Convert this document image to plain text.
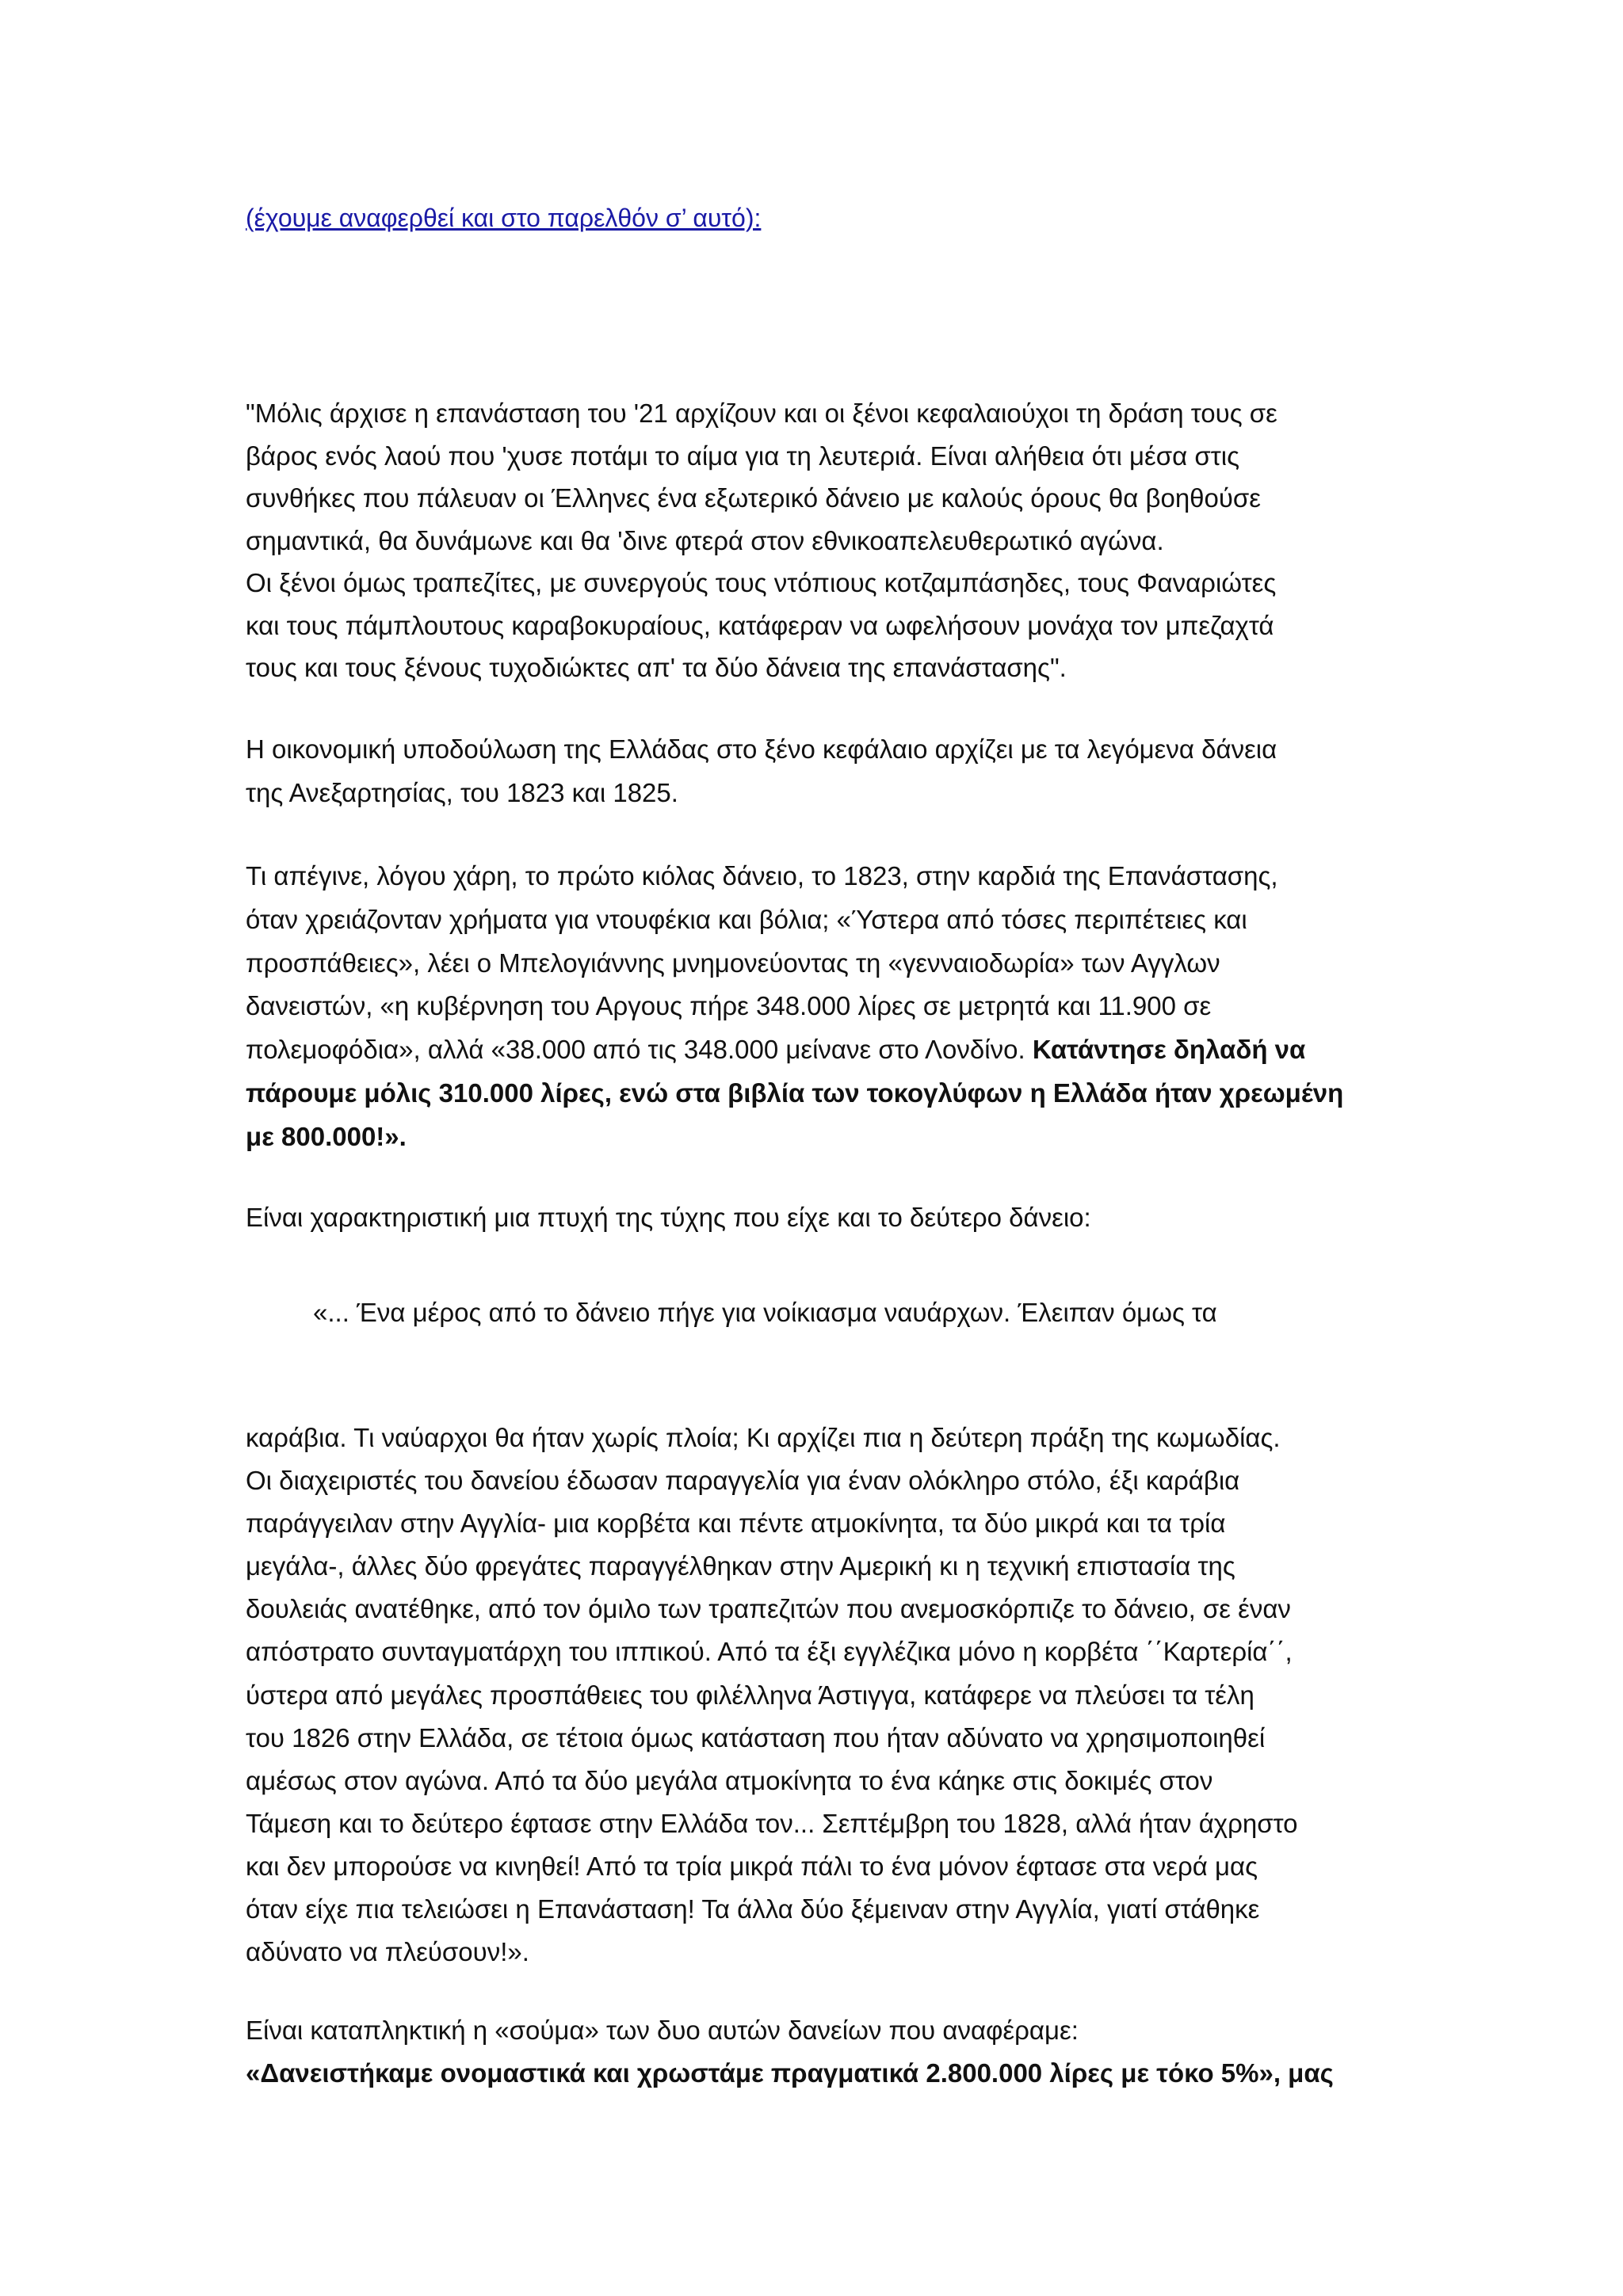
(έχουμε αναφερθεί και στο παρελθόν σ’ αυτό):

"Μόλις άρχισε η επανάσταση του '21 αρχίζουν και οι ξένοι κεφαλαιούχοι τη δράση τους σε

βάρος ενός λαού που 'χυσε ποτάμι το αίμα για τη λευτεριά. Είναι αλήθεια ότι μέσα στις

συνθήκες που πάλευαν οι Έλληνες ένα εξωτερικό δάνειο με καλούς όρους θα βοηθούσε

σημαντικά, θα δυνάμωνε και θα 'δινε φτερά στον εθνικοαπελευθερωτικό αγώνα.

Οι ξένοι όμως τραπεζίτες, με συνεργούς τους ντόπιους κοτζαμπάσηδες, τους Φαναριώτες

και τους πάμπλουτους καραβοκυραίους, κατάφεραν να ωφελήσουν μονάχα τον μπεζαχτά

τους και τους ξένους τυχοδιώκτες απ' τα δύο δάνεια της επανάστασης".

Η οικονομική υποδούλωση της Ελλάδας στο ξένο κεφάλαιο αρχίζει με τα λεγόμενα δάνεια

της Ανεξαρτησίας, του 1823 και 1825.

Τι απέγινε, λόγου χάρη, το πρώτο κιόλας δάνειο, το 1823, στην καρδιά της Επανάστασης,

όταν χρειάζονταν χρήματα για ντουφέκια και βόλια; «Ύστερα από τόσες περιπέτειες και

προσπάθειες», λέει ο Μπελογιάννης μνημονεύοντας τη «γενναιοδωρία» των Αγγλων

δανειστών, «η κυβέρνηση του Αργους πήρε 348.000 λίρες σε μετρητά και 11.900 σε

πολεμοφόδια», αλλά «38.000 από τις 348.000 μείνανε στο Λονδίνο. Κατάντησε δηλαδή να

πάρουμε μόλις 310.000 λίρες, ενώ στα βιβλία των τοκογλύφων η Ελλάδα ήταν χρεωμένη

με 800.000!».

Είναι χαρακτηριστική μια πτυχή της τύχης που είχε και το δεύτερο δάνειο:

«... Ένα μέρος από το δάνειο πήγε για νοίκιασμα ναυάρχων. Έλειπαν όμως τα

καράβια. Τι ναύαρχοι θα ήταν χωρίς πλοία; Κι αρχίζει πια η δεύτερη πράξη της κωμωδίας.

Οι διαχειριστές του δανείου έδωσαν παραγγελία για έναν ολόκληρο στόλο, έξι καράβια

παράγγειλαν στην Αγγλία- μια κορβέτα και πέντε ατμοκίνητα, τα δύο μικρά και τα τρία

μεγάλα-, άλλες δύο φρεγάτες παραγγέλθηκαν στην Αμερική κι η τεχνική επιστασία της

δουλειάς ανατέθηκε, από τον όμιλο των τραπεζιτών που ανεμοσκόρπιζε το δάνειο, σε έναν

απόστρατο συνταγματάρχη του ιππικού. Από τα έξι εγγλέζικα μόνο η κορβέτα ΄΄Καρτερία΄΄,

ύστερα από μεγάλες προσπάθειες του φιλέλληνα Άστιγγα, κατάφερε να πλεύσει τα τέλη

του 1826 στην Ελλάδα, σε τέτοια όμως κατάσταση που ήταν αδύνατο να χρησιμοποιηθεί

αμέσως στον αγώνα. Από τα δύο μεγάλα ατμοκίνητα το ένα κάηκε στις δοκιμές στον

Τάμεση και το δεύτερο έφτασε στην Ελλάδα τον... Σεπτέμβρη του 1828, αλλά ήταν άχρηστο

και δεν μπορούσε να κινηθεί! Από τα τρία μικρά πάλι το ένα μόνον έφτασε στα νερά μας

όταν είχε πια τελειώσει η Επανάσταση! Τα άλλα δύο ξέμειναν στην Αγγλία, γιατί στάθηκε

αδύνατο να πλεύσουν!».

Είναι καταπληκτική η «σούμα» των δυο αυτών δανείων που αναφέραμε:

«Δανειστήκαμε ονομαστικά και χρωστάμε πραγματικά 2.800.000 λίρες με τόκο 5%», μας
